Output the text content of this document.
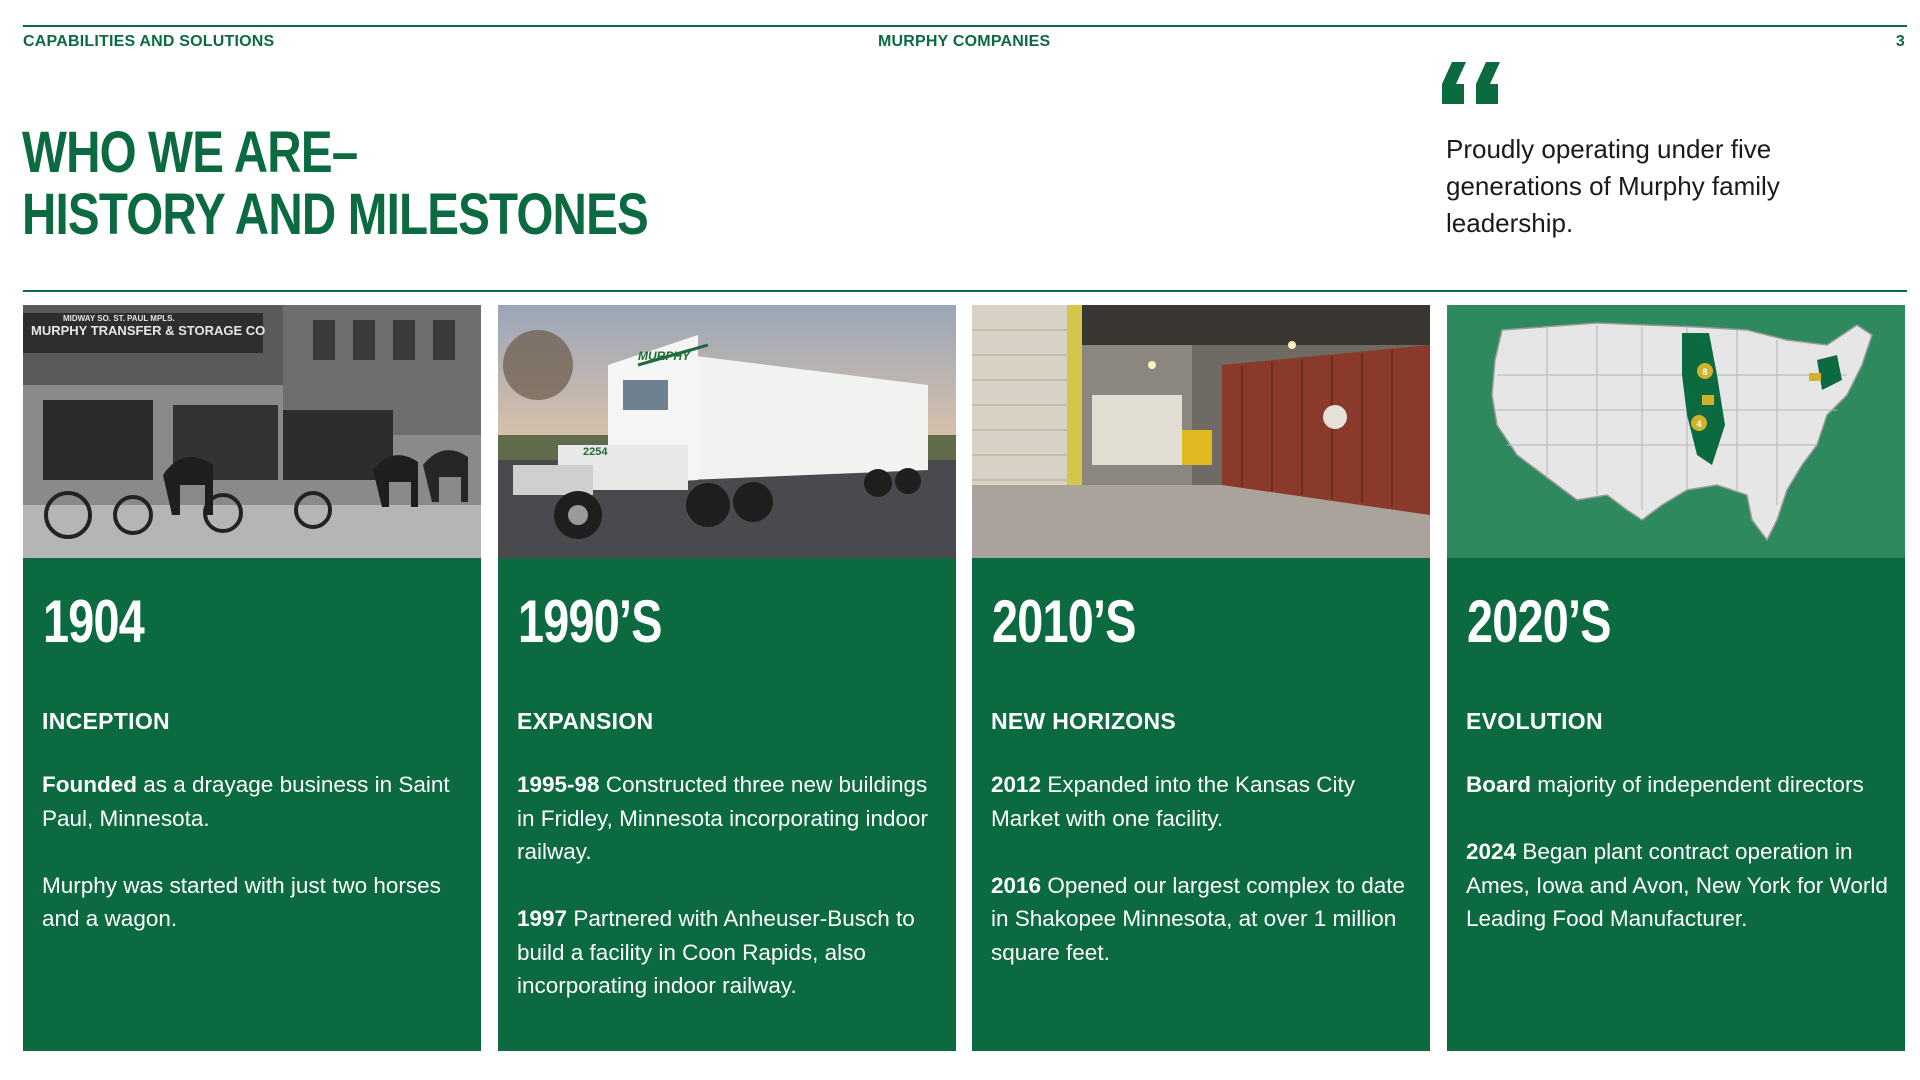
CAPABILITIES AND SOLUTIONS	MURPHY COMPANIES	3
WHO WE ARE–
HISTORY AND MILESTONES
Proudly operating under five generations of Murphy family leadership.
MURPHY TRANSFER & STORAGE CO
MIDWAY SO. ST. PAUL MPLS.
1904
INCEPTION

Founded as a drayage business in Saint Paul, Minnesota.

Murphy was started with just two horses and a wagon.

2254
MURPHY
1990’S
EXPANSION

1995-98 Constructed three new buildings in Fridley, Minnesota incorporating indoor railway.

1997 Partnered with Anheuser-Busch to build a facility in Coon Rapids, also incorporating indoor railway.

2010’S
NEW HORIZONS

2012 Expanded into the Kansas City Market with one facility.

2016 Opened our largest complex to date in Shakopee Minnesota, at over 1 million square feet.

8
4
2020’S
EVOLUTION

Board majority of independent directors

2024 Began plant contract operation in Ames, Iowa and Avon, New York for World Leading Food Manufacturer.
